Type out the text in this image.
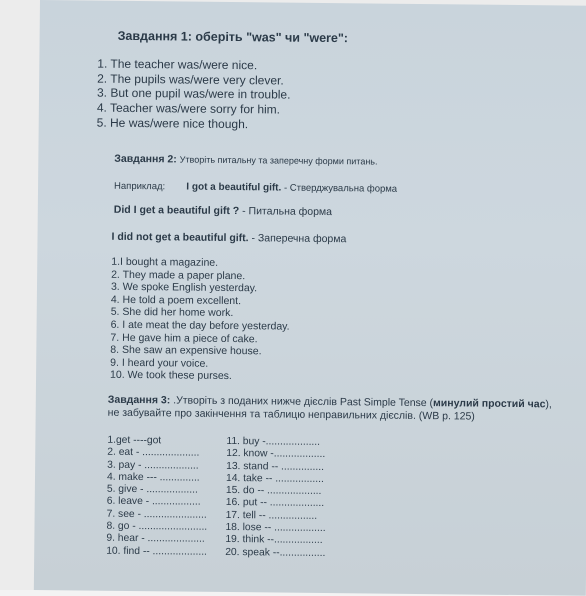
Завдання 1: оберіть "was" чи "were":
1. The teacher was/were nice.
2. The pupils was/were very clever.
3. But one pupil was/were in trouble.
4. Teacher was/were sorry for him.
5. He was/were nice though.
Завдання 2: Утворіть питальну та заперечну форми питань.
Наприклад: I got a beautiful gift. - Стверджувальна форма
Did I get a beautiful gift ? - Питальна форма
I did not get a beautiful gift. - Заперечна форма
1.I bought a magazine.
2. They made a paper plane.
3. We spoke English yesterday.
4. He told a poem excellent.
5. She did her home work.
6. I ate meat the day before yesterday.
7. He gave him a piece of cake.
8. She saw an expensive house.
9. I heard your voice.
10. We took these purses.
Завдання 3: .Утворіть з поданих нижче дієслів Past Simple Tense (минулий простий час), не забувайте про закінчення та таблицю неправильних дієслів. (WB p. 125)
1.get ----got
2. eat - ....................
3. pay - ...................
4. make --- ..............
5. give - ..................
6. leave - .................
7. see - ......................
8. go - ........................
9. hear - ....................
10. find -- ...................
11. buy -...................
12. know -..................
13. stand -- ...............
14. take -- .................
15. do -- ...................
16. put -- ...................
17. tell -- .................
18. lose -- ..................
19. think --.................
20. speak --................
